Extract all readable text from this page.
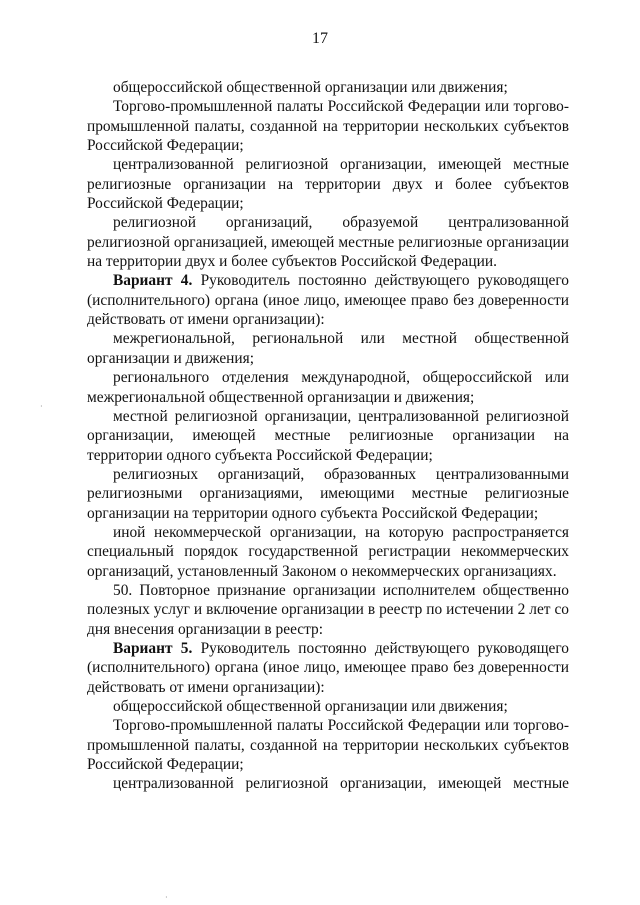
17

общероссийской общественной организации или движения;

Торгово-промышленной палаты Российской Федерации или торгово-промышленной палаты, созданной на территории нескольких субъектов Российской Федерации;

централизованной религиозной организации, имеющей местные религиозные организации на территории двух и более субъектов Российской Федерации;

религиозной организаций, образуемой централизованной религиозной организацией, имеющей местные религиозные организации на территории двух и более субъектов Российской Федерации.

Вариант 4. Руководитель постоянно действующего руководящего (исполнительного) органа (иное лицо, имеющее право без доверенности действовать от имени организации):

межрегиональной, региональной или местной общественной организации и движения;

регионального отделения международной, общероссийской или межрегиональной общественной организации и движения;

местной религиозной организации, централизованной религиозной организации, имеющей местные религиозные организации на территории одного субъекта Российской Федерации;

религиозных организаций, образованных централизованными религиозными организациями, имеющими местные религиозные организации на территории одного субъекта Российской Федерации;

иной некоммерческой организации, на которую распространяется специальный порядок государственной регистрации некоммерческих организаций, установленный Законом о некоммерческих организациях.

50. Повторное признание организации исполнителем общественно полезных услуг и включение организации в реестр по истечении 2 лет со дня внесения организации в реестр:

Вариант 5. Руководитель постоянно действующего руководящего (исполнительного) органа (иное лицо, имеющее право без доверенности действовать от имени организации):

общероссийской общественной организации или движения;

Торгово-промышленной палаты Российской Федерации или торгово-промышленной палаты, созданной на территории нескольких субъектов Российской Федерации;

централизованной религиозной организации, имеющей местные

·
·
